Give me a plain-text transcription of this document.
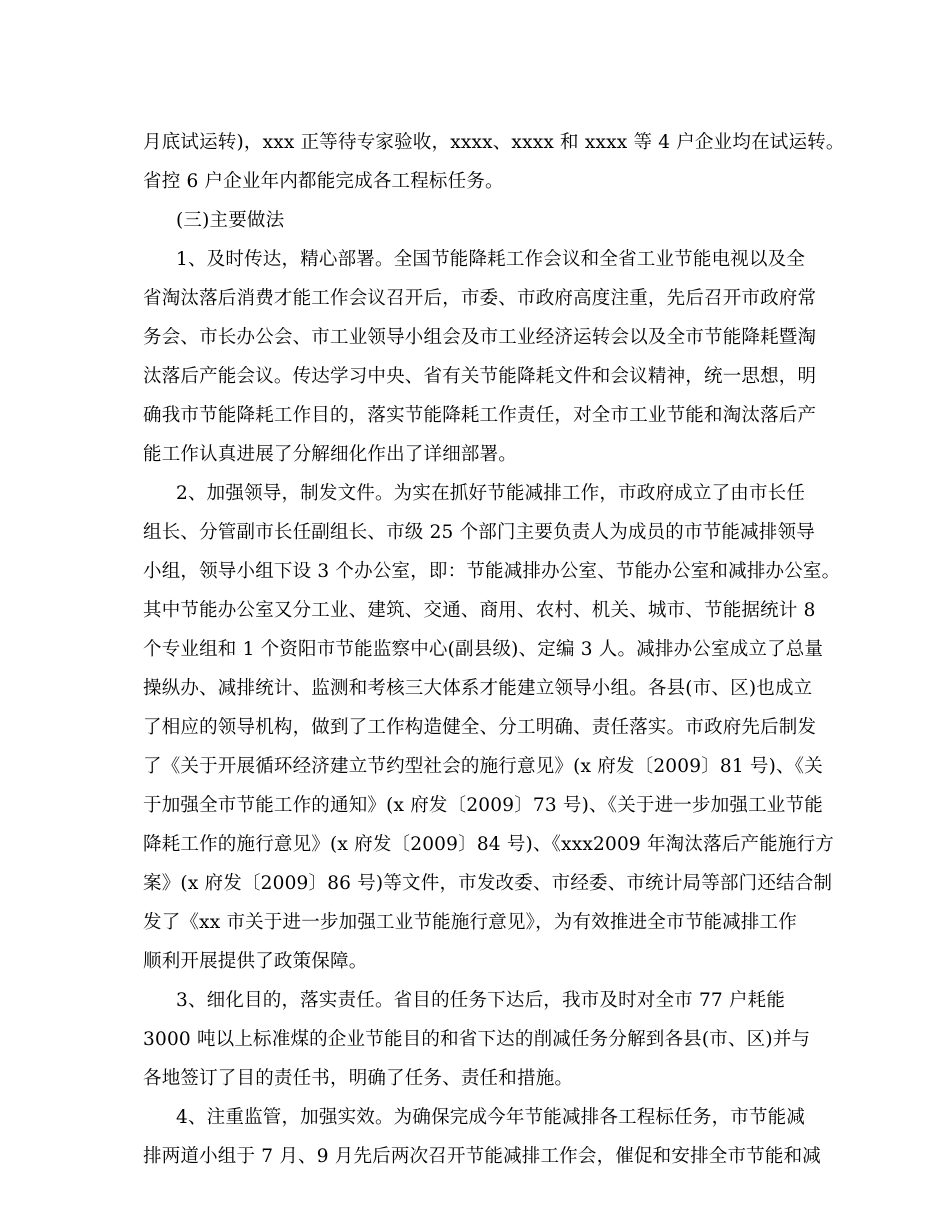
月底试运转)，xxx 正等待专家验收，xxxx、xxxx 和 xxxx 等 4 户企业均在试运转。
省控 6 户企业年内都能完成各工程标任务。
(三)主要做法
1、及时传达，精心部署。全国节能降耗工作会议和全省工业节能电视以及全
省淘汰落后消费才能工作会议召开后，市委、市政府高度注重，先后召开市政府常
务会、市长办公会、市工业领导小组会及市工业经济运转会以及全市节能降耗暨淘
汰落后产能会议。传达学习中央、省有关节能降耗文件和会议精神，统一思想，明
确我市节能降耗工作目的，落实节能降耗工作责任，对全市工业节能和淘汰落后产
能工作认真进展了分解细化作出了详细部署。
2、加强领导，制发文件。为实在抓好节能减排工作，市政府成立了由市长任
组长、分管副市长任副组长、市级 25 个部门主要负责人为成员的市节能减排领导
小组，领导小组下设 3 个办公室，即：节能减排办公室、节能办公室和减排办公室。
其中节能办公室又分工业、建筑、交通、商用、农村、机关、城市、节能据统计 8
个专业组和 1 个资阳市节能监察中心(副县级)、定编 3 人。减排办公室成立了总量
操纵办、减排统计、监测和考核三大体系才能建立领导小组。各县(市、区)也成立
了相应的领导机构，做到了工作构造健全、分工明确、责任落实。市政府先后制发
了《关于开展循环经济建立节约型社会的施行意见》(x 府发〔2009〕81 号)、《关
于加强全市节能工作的通知》(x 府发〔2009〕73 号)、《关于进一步加强工业节能
降耗工作的施行意见》(x 府发〔2009〕84 号)、《xxx2009 年淘汰落后产能施行方
案》(x 府发〔2009〕86 号)等文件，市发改委、市经委、市统计局等部门还结合制
发了《xx 市关于进一步加强工业节能施行意见》，为有效推进全市节能减排工作
顺利开展提供了政策保障。
3、细化目的，落实责任。省目的任务下达后，我市及时对全市 77 户耗能
3000 吨以上标准煤的企业节能目的和省下达的削减任务分解到各县(市、区)并与
各地签订了目的责任书，明确了任务、责任和措施。
4、注重监管，加强实效。为确保完成今年节能减排各工程标任务，市节能减
排两道小组于 7 月、9 月先后两次召开节能减排工作会，催促和安排全市节能和减
